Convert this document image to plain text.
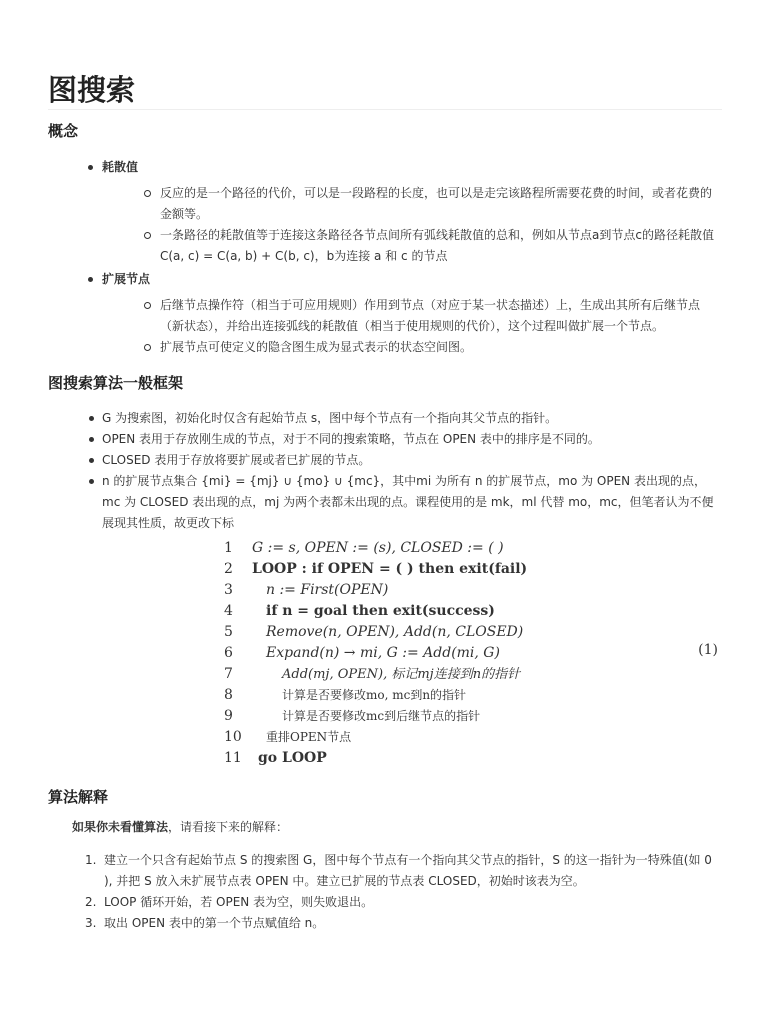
图搜索
概念
耗散值
反应的是一个路径的代价，可以是一段路程的长度，也可以是走完该路程所需要花费的时间，或者花费的金额等。
一条路径的耗散值等于连接这条路径各节点间所有弧线耗散值的总和，例如从节点a到节点c的路径耗散值C(a, c) = C(a, b) + C(b, c)，b为连接 a 和 c 的节点
扩展节点
后继节点操作符（相当于可应用规则）作用到节点（对应于某一状态描述）上，生成出其所有后继节点（新状态），并给出连接弧线的耗散值（相当于使用规则的代价），这个过程叫做扩展一个节点。
扩展节点可使定义的隐含图生成为显式表示的状态空间图。
图搜索算法一般框架
G 为搜索图，初始化时仅含有起始节点 s，图中每个节点有一个指向其父节点的指针。
OPEN 表用于存放刚生成的节点，对于不同的搜索策略，节点在 OPEN 表中的排序是不同的。
CLOSED 表用于存放将要扩展或者已扩展的节点。
n 的扩展节点集合 {mi} = {mj} ∪ {mo} ∪ {mc}，其中mi 为所有 n 的扩展节点，mo 为 OPEN 表出现的点，mc 为 CLOSED 表出现的点，mj 为两个表都未出现的点。课程使用的是 mk，ml 代替 mo，mc，但笔者认为不便展现其性质，故更改下标
1 G := s, OPEN := (s), CLOSED := ( )
2 LOOP : if OPEN = ( ) then exit(fail)
3 n := First(OPEN)
4 if n = goal then exit(success)
5 Remove(n, OPEN), Add(n, CLOSED)
6 Expand(n) → mi, G := Add(mi, G)
7	Add(mj, OPEN), 标记mj连接到n的指针
8	计算是否要修改mo, mc到n的指针
9	计算是否要修改mc到后继节点的指针
10 重排OPEN节点
11 go LOOP
(1)
算法解释

如果你未看懂算法，请看接下来的解释：

1. 建立一个只含有起始节点 S 的搜索图 G，图中每个节点有一个指向其父节点的指针，S 的这一指针为一特殊值(如 0 ), 并把 S 放入未扩展节点表 OPEN 中。建立已扩展的节点表 CLOSED，初始时该表为空。
2. LOOP 循环开始，若 OPEN 表为空，则失败退出。
3. 取出 OPEN 表中的第一个节点赋值给 n。
